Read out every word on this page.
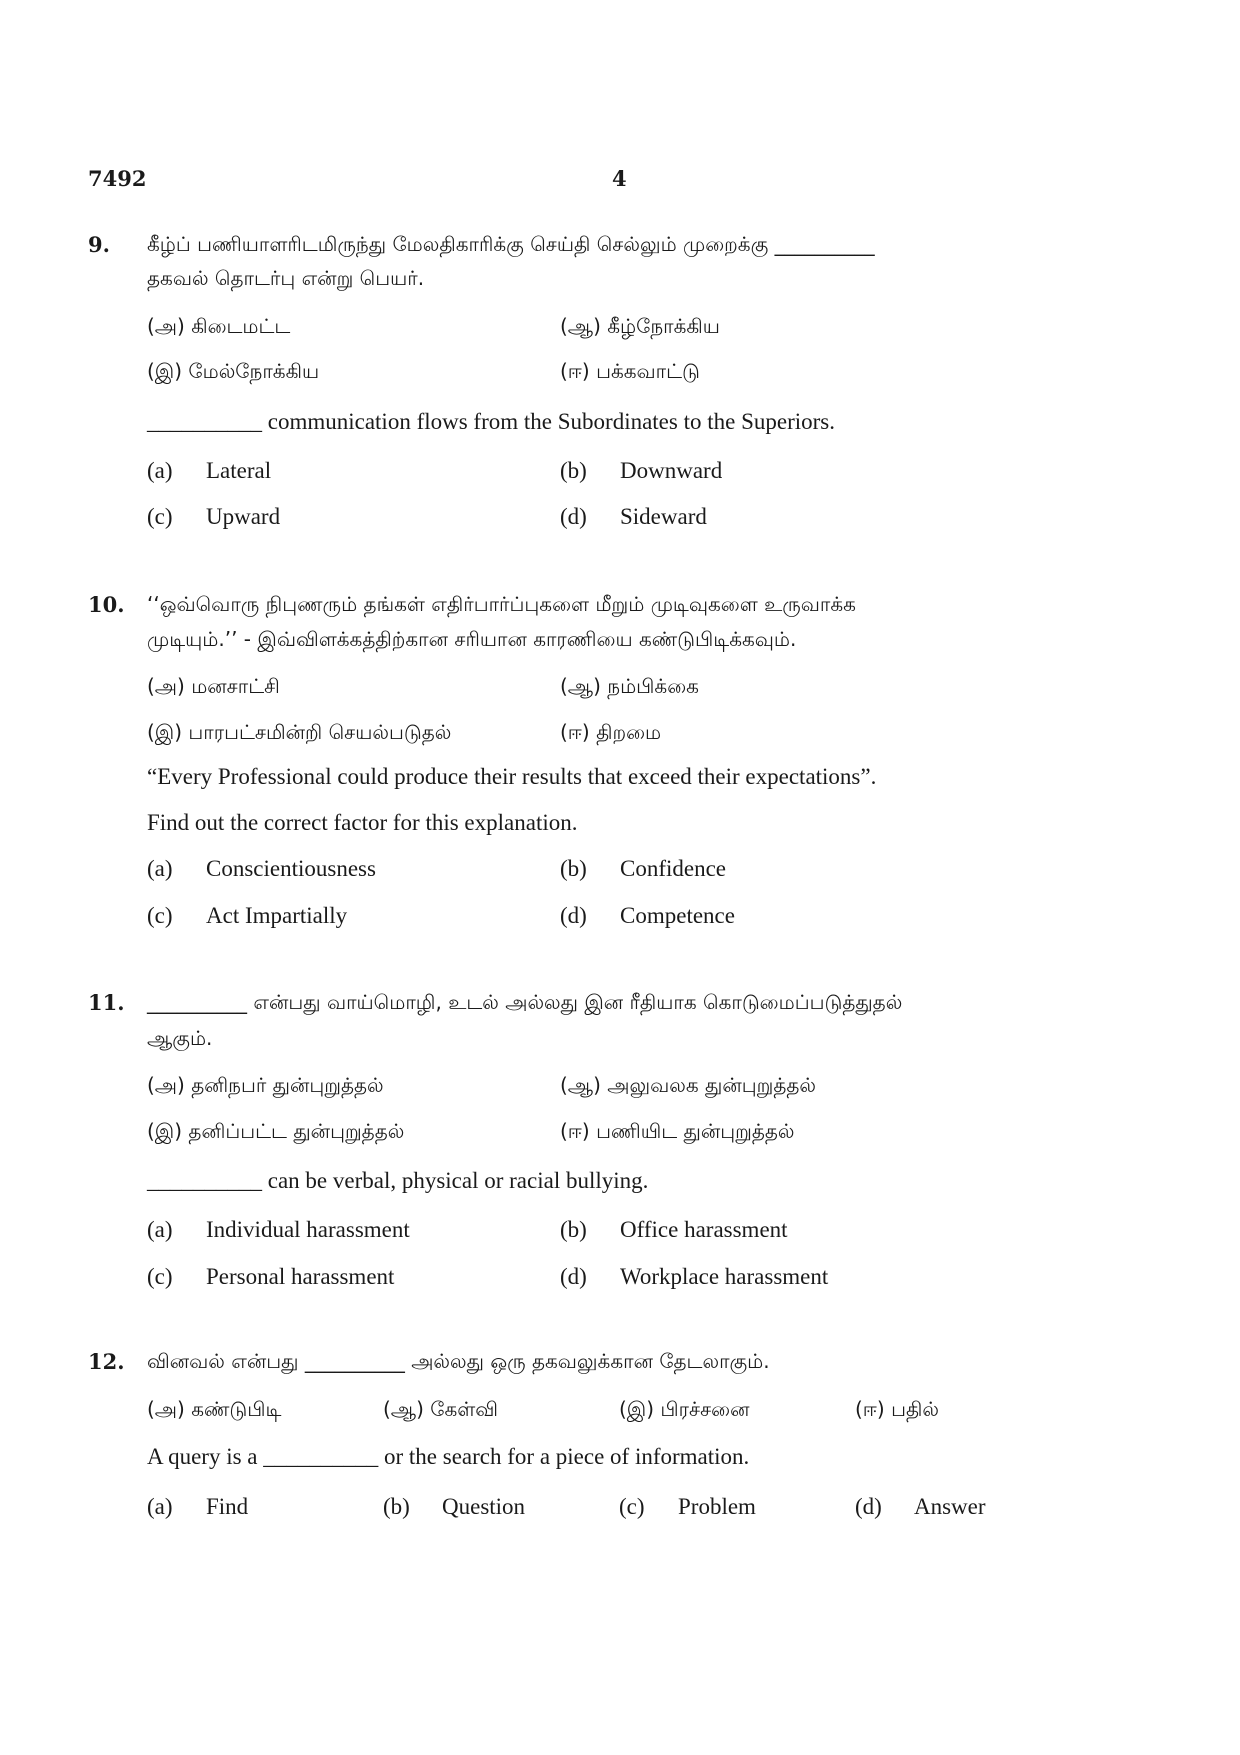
7492	4
9. கீழ்ப் பணியாளரிடமிருந்து மேலதிகாரிக்கு செய்தி செல்லும் முறைக்கு __________
தகவல் தொடர்பு என்று பெயர்.
(அ) கிடைமட்ட	(ஆ) கீழ்நோக்கிய
(இ) மேல்நோக்கிய	(ஈ) பக்கவாட்டு
__________ communication flows from the Subordinates to the Superiors.
(a) Lateral	(b) Downward
(c) Upward	(d) Sideward
10. ‘‘ஒவ்வொரு நிபுணரும் தங்கள் எதிர்பார்ப்புகளை மீறும் முடிவுகளை உருவாக்க
முடியும்.’’ - இவ்விளக்கத்திற்கான சரியான காரணியை கண்டுபிடிக்கவும்.
(அ) மனசாட்சி	(ஆ) நம்பிக்கை
(இ) பாரபட்சமின்றி செயல்படுதல்	(ஈ) திறமை
“Every Professional could produce their results that exceed their expectations”.
Find out the correct factor for this explanation.
(a) Conscientiousness	(b) Confidence
(c) Act Impartially	(d) Competence
11. __________ என்பது வாய்மொழி, உடல் அல்லது இன ரீதியாக கொடுமைப்படுத்துதல்
ஆகும்.
(அ) தனிநபர் துன்புறுத்தல்	(ஆ) அலுவலக துன்புறுத்தல்
(இ) தனிப்பட்ட துன்புறுத்தல்	(ஈ) பணியிட துன்புறுத்தல்
__________ can be verbal, physical or racial bullying.
(a) Individual harassment	(b) Office harassment
(c) Personal harassment	(d) Workplace harassment
12. வினவல் என்பது __________ அல்லது ஒரு தகவலுக்கான தேடலாகும்.
(அ) கண்டுபிடி	(ஆ) கேள்வி	(இ) பிரச்சனை	(ஈ) பதில்
A query is a __________ or the search for a piece of information.
(a) Find	(b) Question	(c) Problem	(d) Answer
